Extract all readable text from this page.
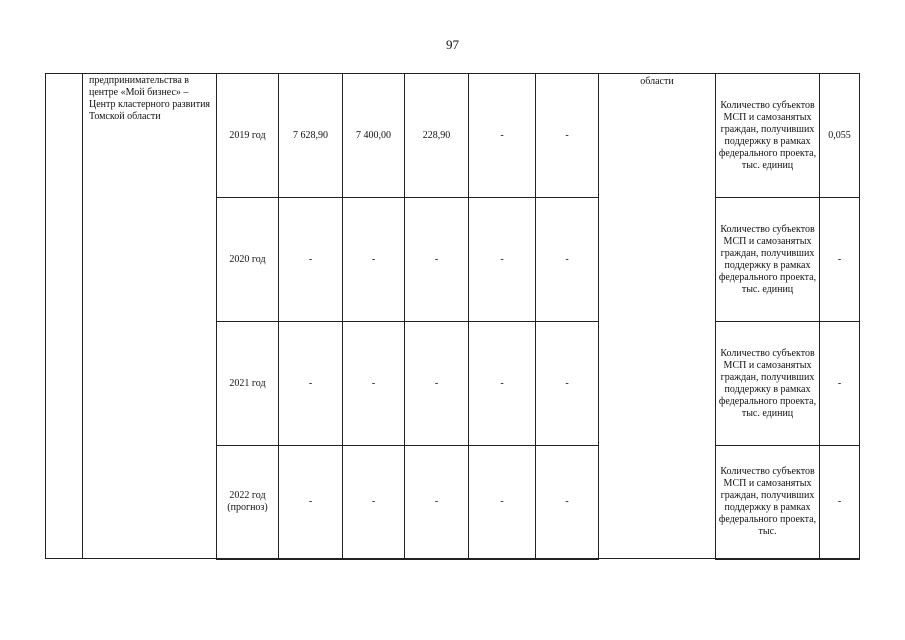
97
	предпринимательства в центре «Мой бизнес» – Центр кластерного развития Томской области	2019 год	7 628,90	7 400,00	228,90	-	-	области	Количество субъектов МСП и самозанятых граждан, получивших поддержку в рамках федерального проекта, тыс. единиц	0,055
		2020 год	-	-	-	-	-		Количество субъектов МСП и самозанятых граждан, получивших поддержку в рамках федерального проекта, тыс. единиц	-
		2021 год	-	-	-	-	-		Количество субъектов МСП и самозанятых граждан, получивших поддержку в рамках федерального проекта, тыс. единиц	-
		2022 год (прогноз)	-	-	-	-	-		Количество субъектов МСП и самозанятых граждан, получивших поддержку в рамках федерального проекта, тыс.	-
